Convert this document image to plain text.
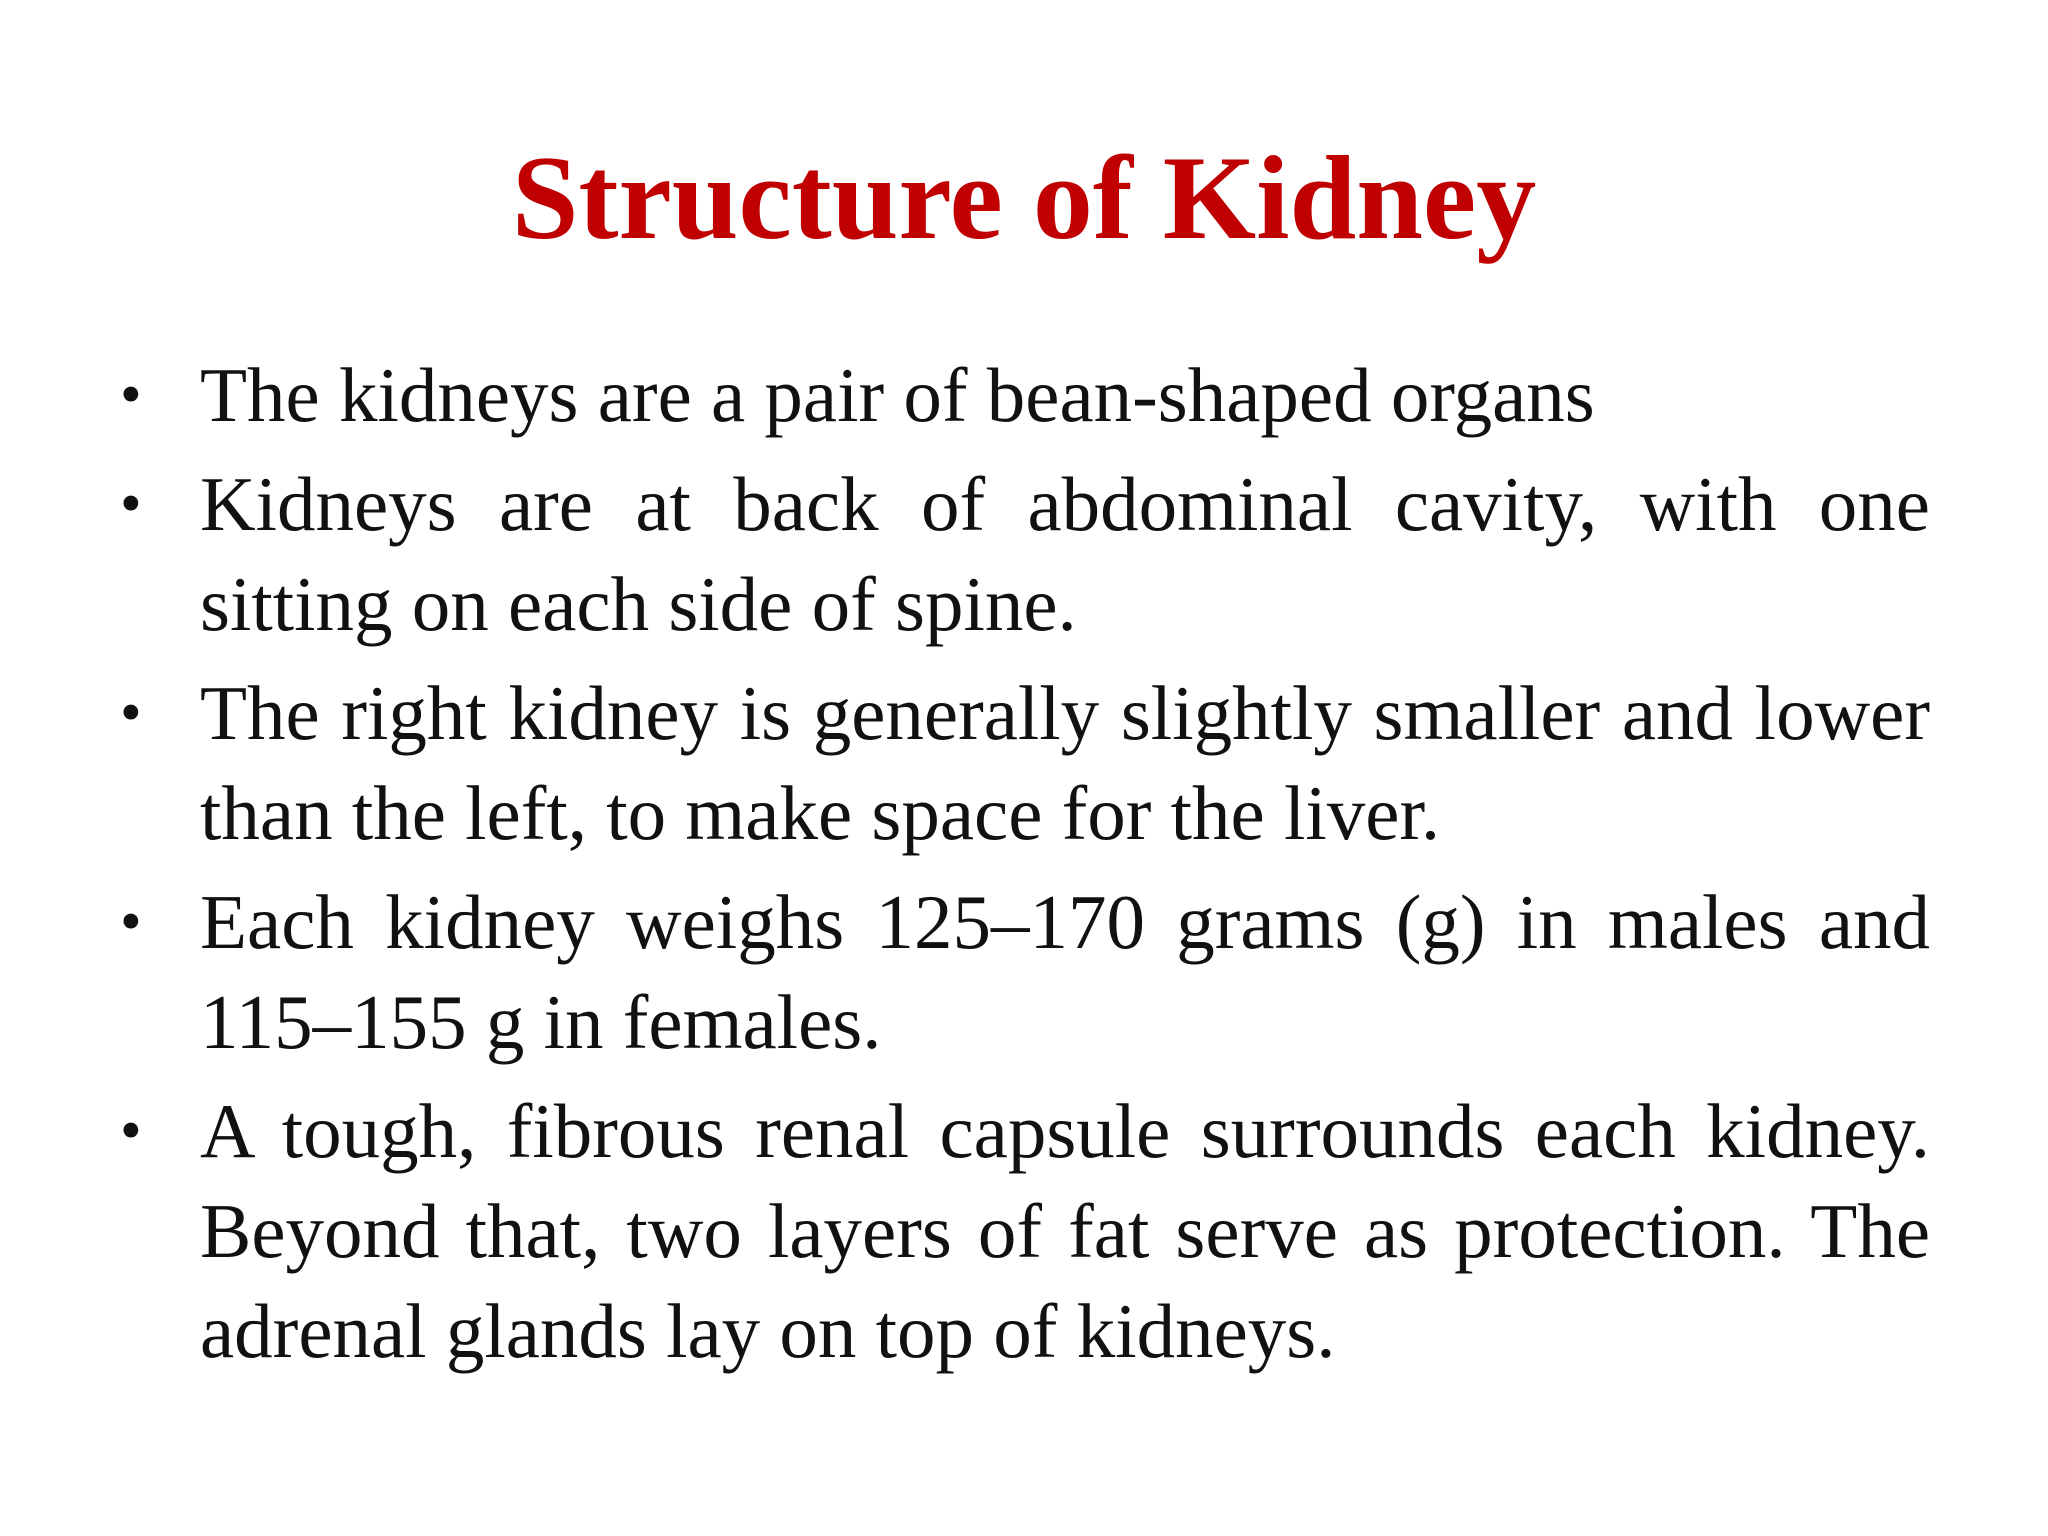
Structure of Kidney
• The kidneys are a pair of bean-shaped organs
• Kidneys are at back of abdominal cavity, with one sitting on each side of spine.
• The right kidney is generally slightly smaller and lower than the left, to make space for the liver.
• Each kidney weighs 125–170 grams (g) in males and 115–155 g in females.
• A tough, fibrous renal capsule surrounds each kidney. Beyond that, two layers of fat serve as protection. The adrenal glands lay on top of kidneys.
